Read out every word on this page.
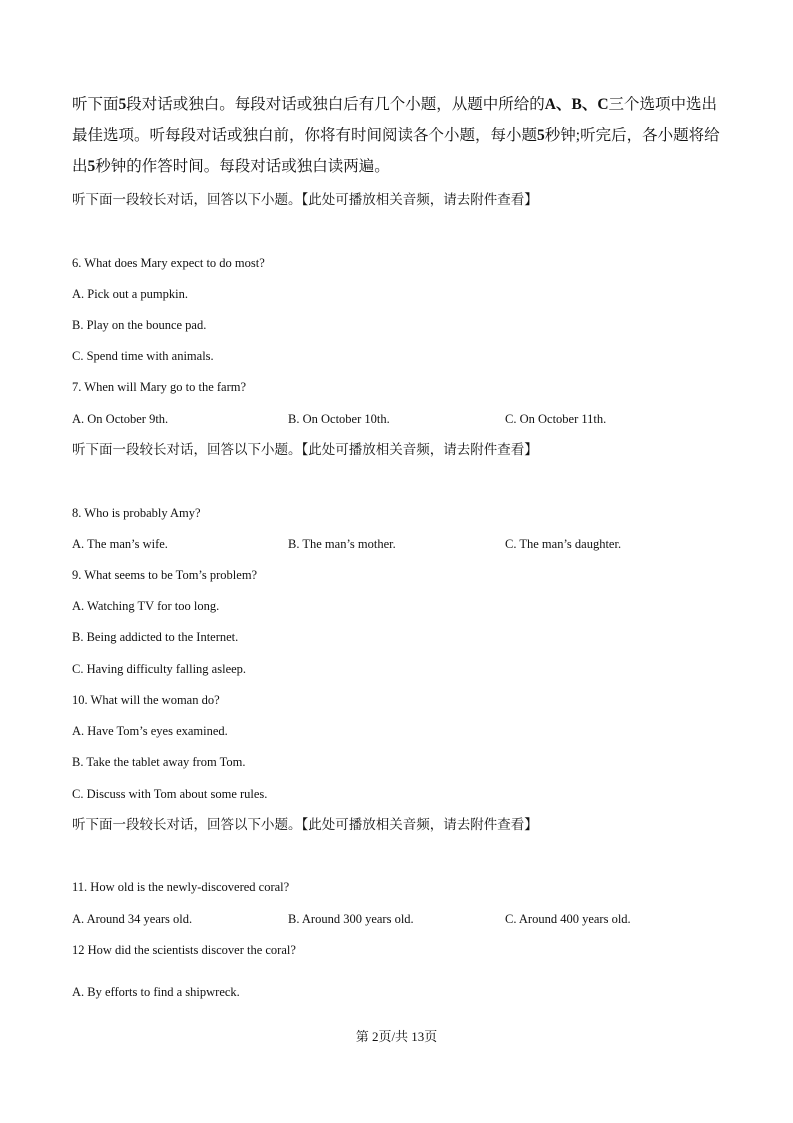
听下面5段对话或独白。每段对话或独白后有几个小题，从题中所给的A、B、C三个选项中选出最佳选项。听每段对话或独白前，你将有时间阅读各个小题，每小题5秒钟;听完后，各小题将给出5秒钟的作答时间。每段对话或独白读两遍。
听下面一段较长对话，回答以下小题。【此处可播放相关音频，请去附件查看】
6. What does Mary expect to do most?
A. Pick out a pumpkin.
B. Play on the bounce pad.
C. Spend time with animals.
7. When will Mary go to the farm?
A. On October 9th.	B. On October 10th.	C. On October 11th.
听下面一段较长对话，回答以下小题。【此处可播放相关音频，请去附件查看】
8. Who is probably Amy?
A. The man’s wife.	B. The man’s mother.	C. The man’s daughter.
9. What seems to be Tom’s problem?
A. Watching TV for too long.
B. Being addicted to the Internet.
C. Having difficulty falling asleep.
10. What will the woman do?
A. Have Tom’s eyes examined.
B. Take the tablet away from Tom.
C. Discuss with Tom about some rules.
听下面一段较长对话，回答以下小题。【此处可播放相关音频，请去附件查看】
11. How old is the newly-discovered coral?
A. Around 34 years old.	B. Around 300 years old.	C. Around 400 years old.
12 How did the scientists discover the coral?
A. By efforts to find a shipwreck.
第 2页/共 13页
